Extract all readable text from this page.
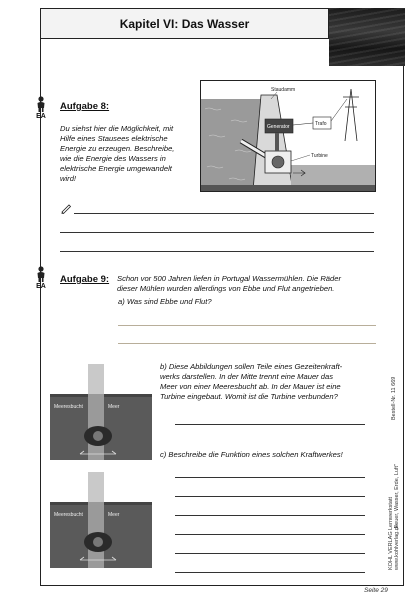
Kapitel VI: Das Wasser
EA
Aufgabe 8:
Du siehst hier die Möglichkeit, mit
Hilfe eines Stausees elektrische
Energie zu erzeugen. Beschreibe,
wie die Energie des Wassers in
elektrische Energie umgewandelt
wird!
Generator
Staudamm
Trafo
Turbine
EA
Aufgabe 9: Schon vor 500 Jahren liefen in Portugal Wassermühlen. Die Räder
dieser Mühlen wurden allerdings von Ebbe und Flut angetrieben.
a) Was sind Ebbe und Flut?
Meeresbucht	Meer
b) Diese Abbildungen sollen Teile eines Gezeitenkraft-
werks darstellen. In der Mitte trennt eine Mauer das
Meer von einer Meeresbucht ab. In der Mauer ist eine
Turbine eingebaut. Womit ist die Turbine verbunden?
c) Beschreibe die Funktion eines solchen Kraftwerkes!
Meeresbucht	Meer
KOHL VERLAG www.kohlverlag.de
Lernwerkstatt „Feuer, Wasser, Erde, Luft"
Bestell-Nr. 11 669
Seite 29
